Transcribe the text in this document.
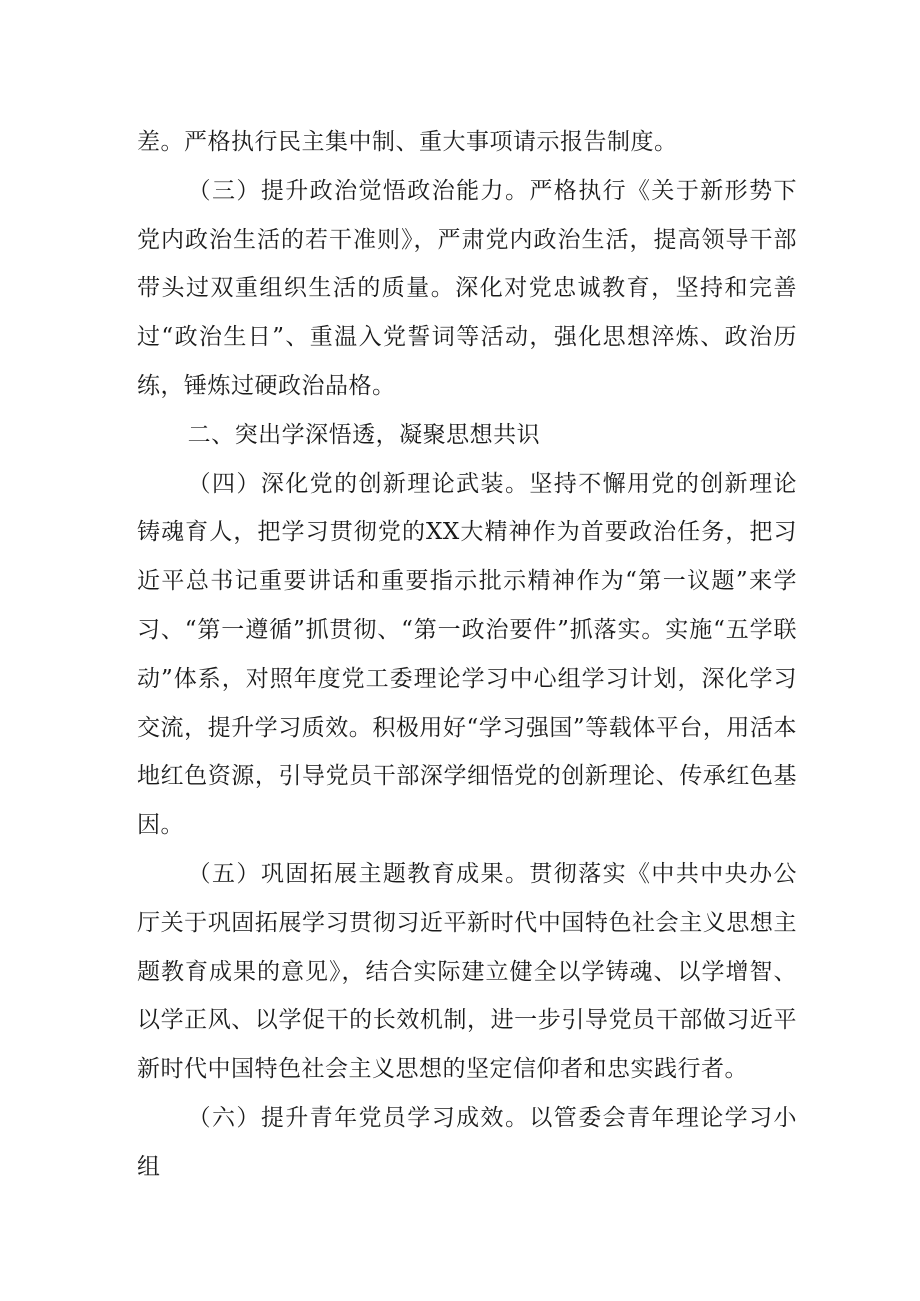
差。严格执行民主集中制、重大事项请示报告制度。

（三）提升政治觉悟政治能力。严格执行《关于新形势下党内政治生活的若干准则》，严肃党内政治生活，提高领导干部带头过双重组织生活的质量。深化对党忠诚教育，坚持和完善过“政治生日”、重温入党誓词等活动，强化思想淬炼、政治历练，锤炼过硬政治品格。

二、突出学深悟透，凝聚思想共识

（四）深化党的创新理论武装。坚持不懈用党的创新理论铸魂育人，把学习贯彻党的XX大精神作为首要政治任务，把习近平总书记重要讲话和重要指示批示精神作为“第一议题”来学习、“第一遵循”抓贯彻、“第一政治要件”抓落实。实施“五学联动”体系，对照年度党工委理论学习中心组学习计划，深化学习交流，提升学习质效。积极用好“学习强国”等载体平台，用活本地红色资源，引导党员干部深学细悟党的创新理论、传承红色基因。

（五）巩固拓展主题教育成果。贯彻落实《中共中央办公厅关于巩固拓展学习贯彻习近平新时代中国特色社会主义思想主题教育成果的意见》，结合实际建立健全以学铸魂、以学增智、以学正风、以学促干的长效机制，进一步引导党员干部做习近平新时代中国特色社会主义思想的坚定信仰者和忠实践行者。

（六）提升青年党员学习成效。以管委会青年理论学习小组
